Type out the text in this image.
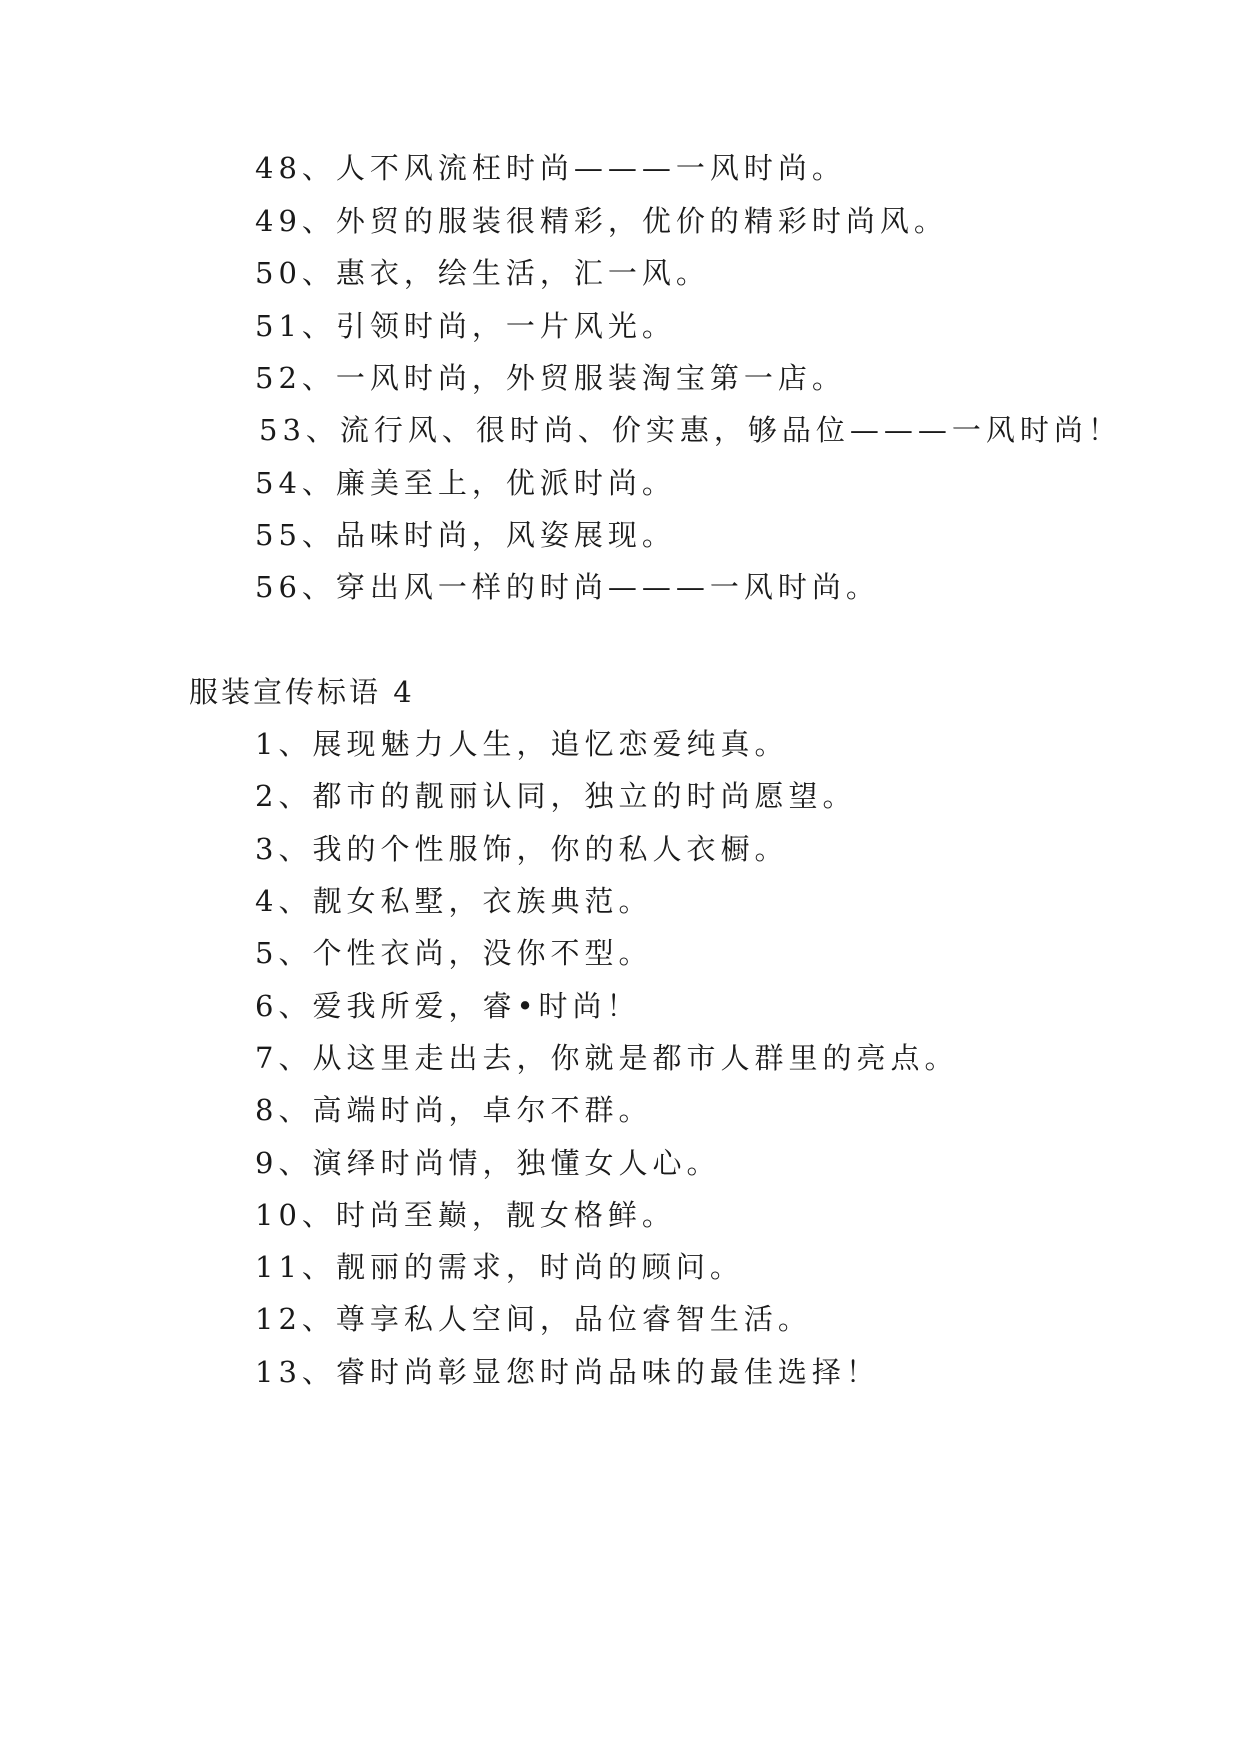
48、人不风流枉时尚———一风时尚。
49、外贸的服装很精彩，优价的精彩时尚风。
50、惠衣，绘生活，汇一风。
51、引领时尚，一片风光。
52、一风时尚，外贸服装淘宝第一店。
53、流行风、很时尚、价实惠，够品位———一风时尚！
54、廉美至上，优派时尚。
55、品味时尚，风姿展现。
56、穿出风一样的时尚———一风时尚。
服装宣传标语 4
1、展现魅力人生，追忆恋爱纯真。
2、都市的靓丽认同，独立的时尚愿望。
3、我的个性服饰，你的私人衣橱。
4、靓女私墅，衣族典范。
5、个性衣尚，没你不型。
6、爱我所爱，睿•时尚！
7、从这里走出去，你就是都市人群里的亮点。
8、高端时尚，卓尔不群。
9、演绎时尚情，独懂女人心。
10、时尚至巅，靓女格鲜。
11、靓丽的需求，时尚的顾问。
12、尊享私人空间，品位睿智生活。
13、睿时尚彰显您时尚品味的最佳选择！
